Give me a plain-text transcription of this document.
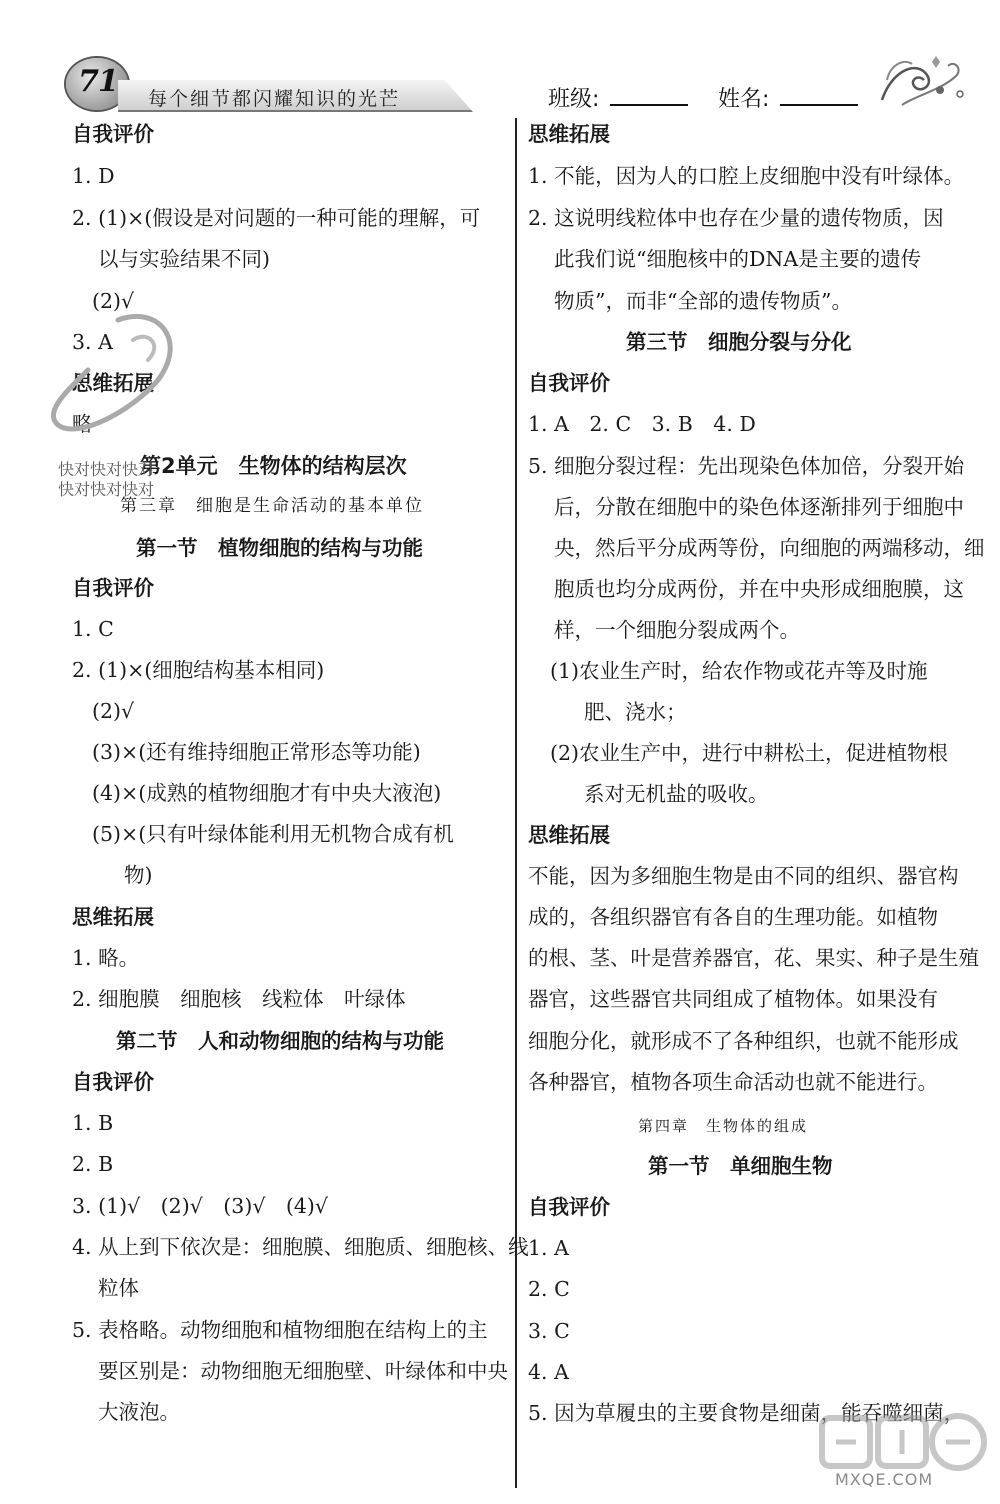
71	每个细节都闪耀知识的光芒	班级:	姓名:
自我评价
1. D
2. (1)×(假设是对问题的一种可能的理解，可
以与实验结果不同)
(2)√
3. A
思维拓展
略
第2单元　生物体的结构层次
第三章　细胞是生命活动的基本单位
第一节　植物细胞的结构与功能
自我评价
1. C
2. (1)×(细胞结构基本相同)
(2)√
(3)×(还有维持细胞正常形态等功能)
(4)×(成熟的植物细胞才有中央大液泡)
(5)×(只有叶绿体能利用无机物合成有机
物)
思维拓展
1. 略。
2. 细胞膜　细胞核　线粒体　叶绿体
第二节　人和动物细胞的结构与功能
自我评价
1. B
2. B
3. (1)√　(2)√　(3)√　(4)√
4. 从上到下依次是：细胞膜、细胞质、细胞核、线
粒体
5. 表格略。动物细胞和植物细胞在结构上的主
要区别是：动物细胞无细胞壁、叶绿体和中央
大液泡。
快对快对快对
快对快对快对
思维拓展
1. 不能，因为人的口腔上皮细胞中没有叶绿体。
2. 这说明线粒体中也存在少量的遗传物质，因
此我们说“细胞核中的DNA是主要的遗传
物质”，而非“全部的遗传物质”。
第三节　细胞分裂与分化
自我评价
1. A　2. C　3. B　4. D
5. 细胞分裂过程：先出现染色体加倍，分裂开始
后，分散在细胞中的染色体逐渐排列于细胞中
央，然后平分成两等份，向细胞的两端移动，细
胞质也均分成两份，并在中央形成细胞膜，这
样，一个细胞分裂成两个。
(1)农业生产时，给农作物或花卉等及时施
肥、浇水；
(2)农业生产中，进行中耕松土，促进植物根
系对无机盐的吸收。
思维拓展
不能，因为多细胞生物是由不同的组织、器官构
成的，各组织器官有各自的生理功能。如植物
的根、茎、叶是营养器官，花、果实、种子是生殖
器官，这些器官共同组成了植物体。如果没有
细胞分化，就形成不了各种组织，也就不能形成
各种器官，植物各项生命活动也就不能进行。
第四章　生物体的组成
第一节　单细胞生物
自我评价
1. A
2. C
3. C
4. A
5. 因为草履虫的主要食物是细菌，能吞噬细菌，
MXQE.COM
